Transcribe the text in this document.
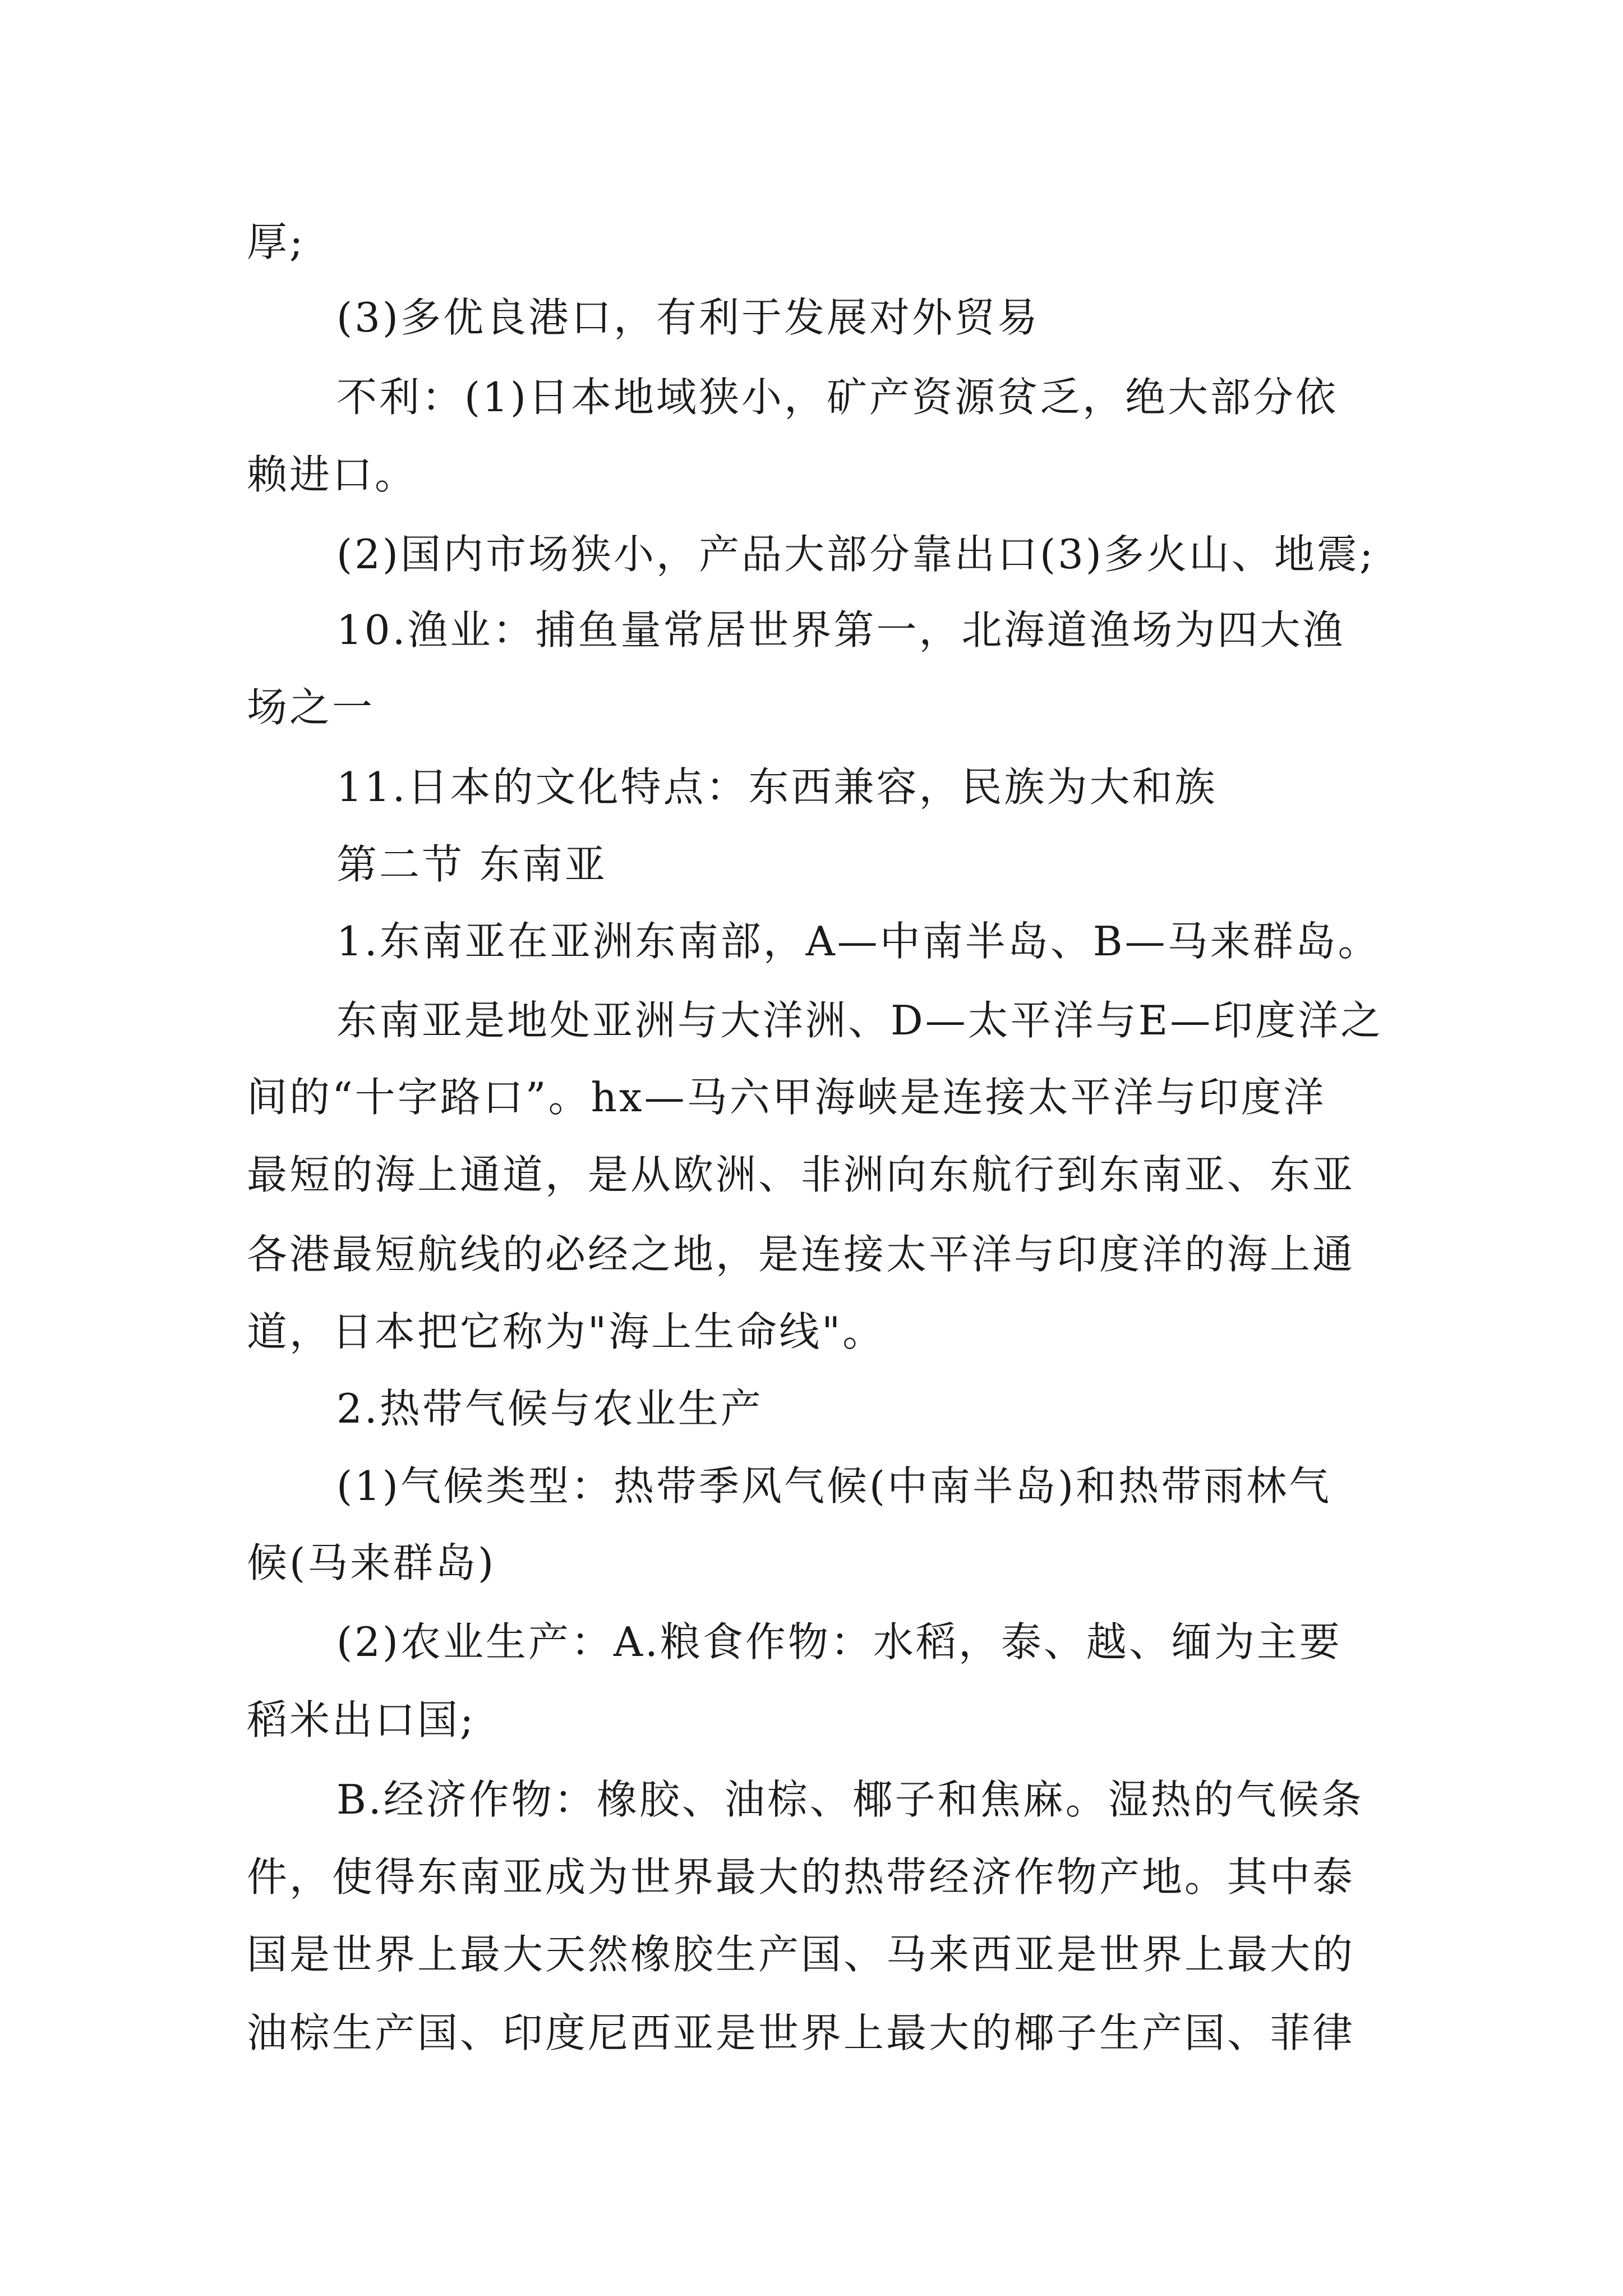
厚;
(3)多优良港口，有利于发展对外贸易
不利：(1)日本地域狭小，矿产资源贫乏，绝大部分依
赖进口。
(2)国内市场狭小，产品大部分靠出口(3)多火山、地震;
10.渔业：捕鱼量常居世界第一，北海道渔场为四大渔
场之一
11.日本的文化特点：东西兼容，民族为大和族
第二节 东南亚
1.东南亚在亚洲东南部，A—中南半岛、B—马来群岛。
东南亚是地处亚洲与大洋洲、D—太平洋与E—印度洋之
间的“十字路口”。hx—马六甲海峡是连接太平洋与印度洋
最短的海上通道，是从欧洲、非洲向东航行到东南亚、东亚
各港最短航线的必经之地，是连接太平洋与印度洋的海上通
道，日本把它称为"海上生命线"。
2.热带气候与农业生产
(1)气候类型：热带季风气候(中南半岛)和热带雨林气
候(马来群岛)
(2)农业生产：A.粮食作物：水稻，泰、越、缅为主要
稻米出口国;
B.经济作物：橡胶、油棕、椰子和焦麻。湿热的气候条
件，使得东南亚成为世界最大的热带经济作物产地。其中泰
国是世界上最大天然橡胶生产国、马来西亚是世界上最大的
油棕生产国、印度尼西亚是世界上最大的椰子生产国、菲律
